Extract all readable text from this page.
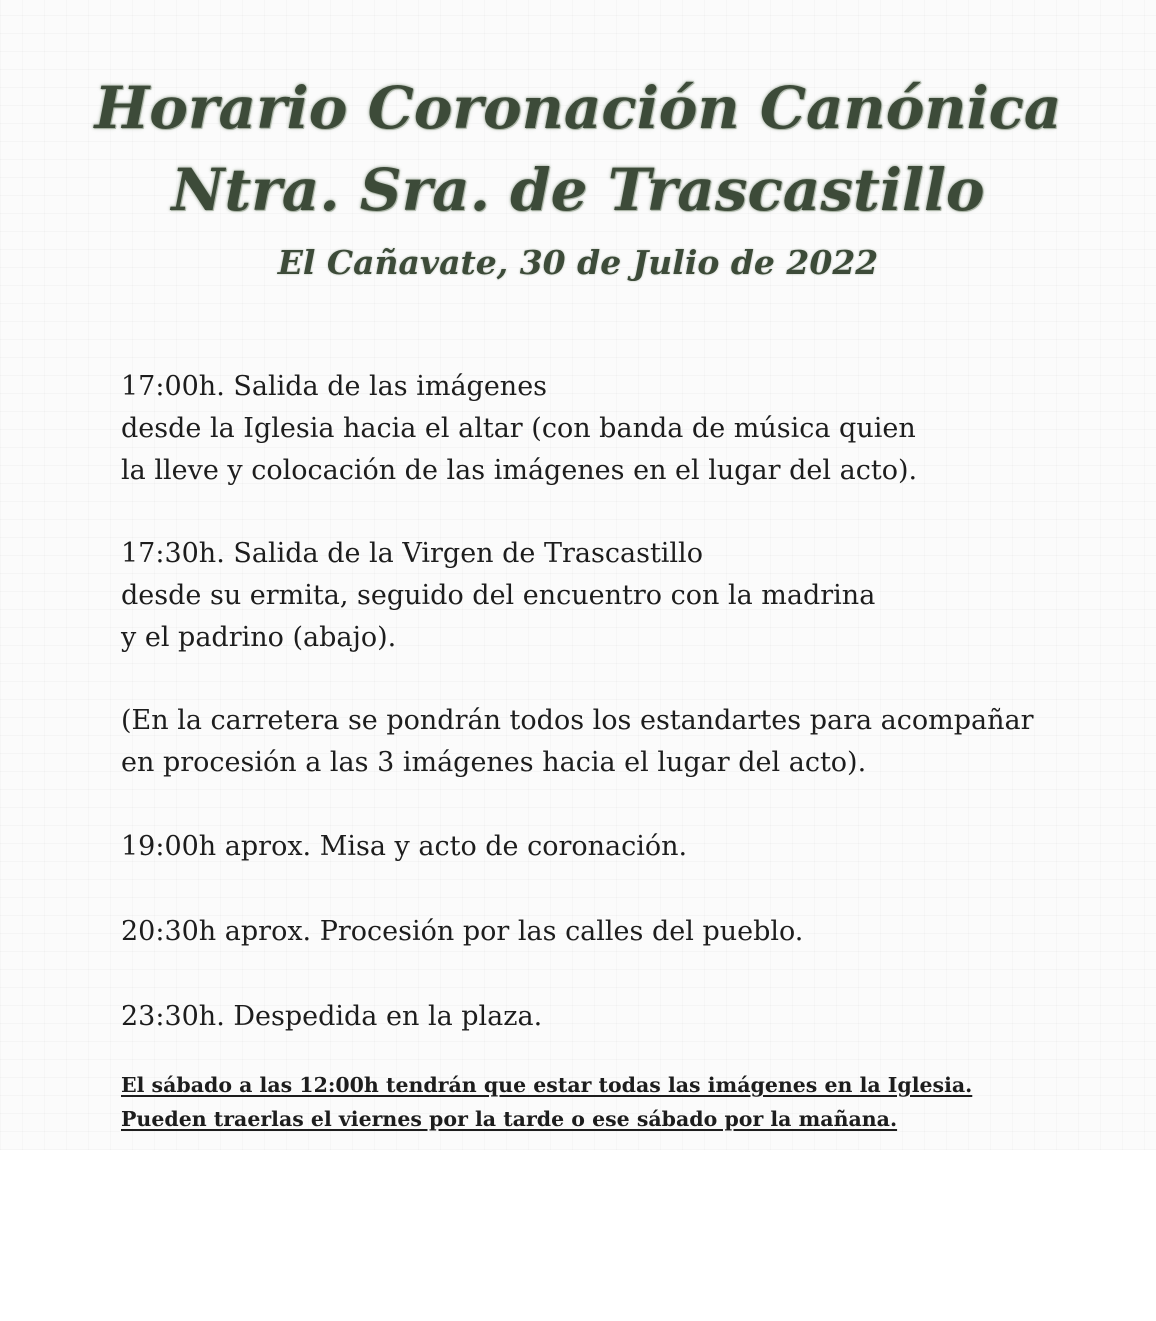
Horario Coronación Canónica
Ntra. Sra. de Trascastillo
El Cañavate, 30 de Julio de 2022
17:00h. Salida de las imágenes
desde la Iglesia hacia el altar (con banda de música quien
la lleve y colocación de las imágenes en el lugar del acto).
17:30h. Salida de la Virgen de Trascastillo
desde su ermita, seguido del encuentro con la madrina
y el padrino (abajo).
(En la carretera se pondrán todos los estandartes para acompañar
en procesión a las 3 imágenes hacia el lugar del acto).
19:00h aprox. Misa y acto de coronación.
20:30h aprox. Procesión por las calles del pueblo.
23:30h. Despedida en la plaza.
El sábado a las 12:00h tendrán que estar todas las imágenes en la Iglesia.
Pueden traerlas el viernes por la tarde o ese sábado por la mañana.
